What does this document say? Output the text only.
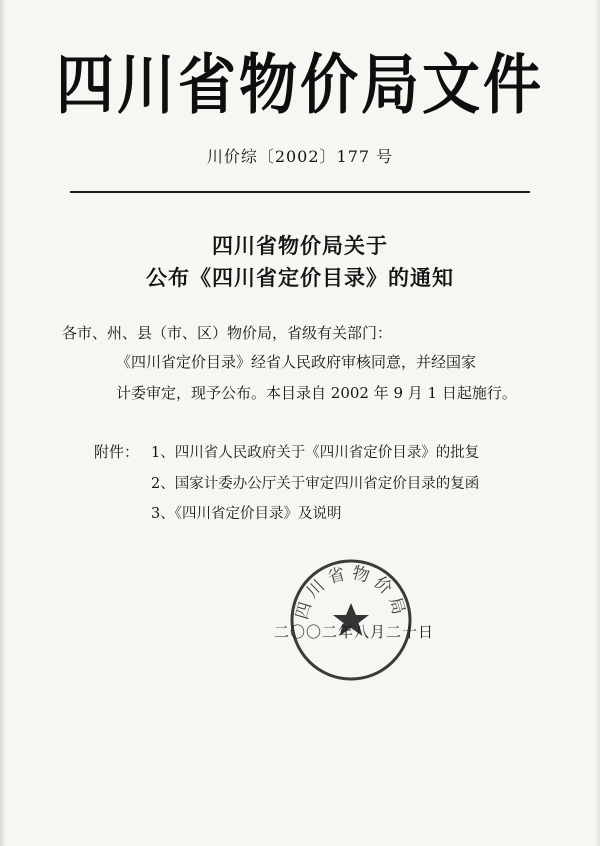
四川省物价局文件
川价综〔2002〕177 号
四川省物价局关于
公布《四川省定价目录》的通知
各市、州、县（市、区）物价局，省级有关部门：
《四川省定价目录》经省人民政府审核同意，并经国家
计委审定，现予公布。本目录自 2002 年 9 月 1 日起施行。
附件： 1、四川省人民政府关于《四川省定价目录》的批复
2、国家计委办公厅关于审定四川省定价目录的复函
3、《四川省定价目录》及说明
二〇〇二年八月二十日
四川省物价局
